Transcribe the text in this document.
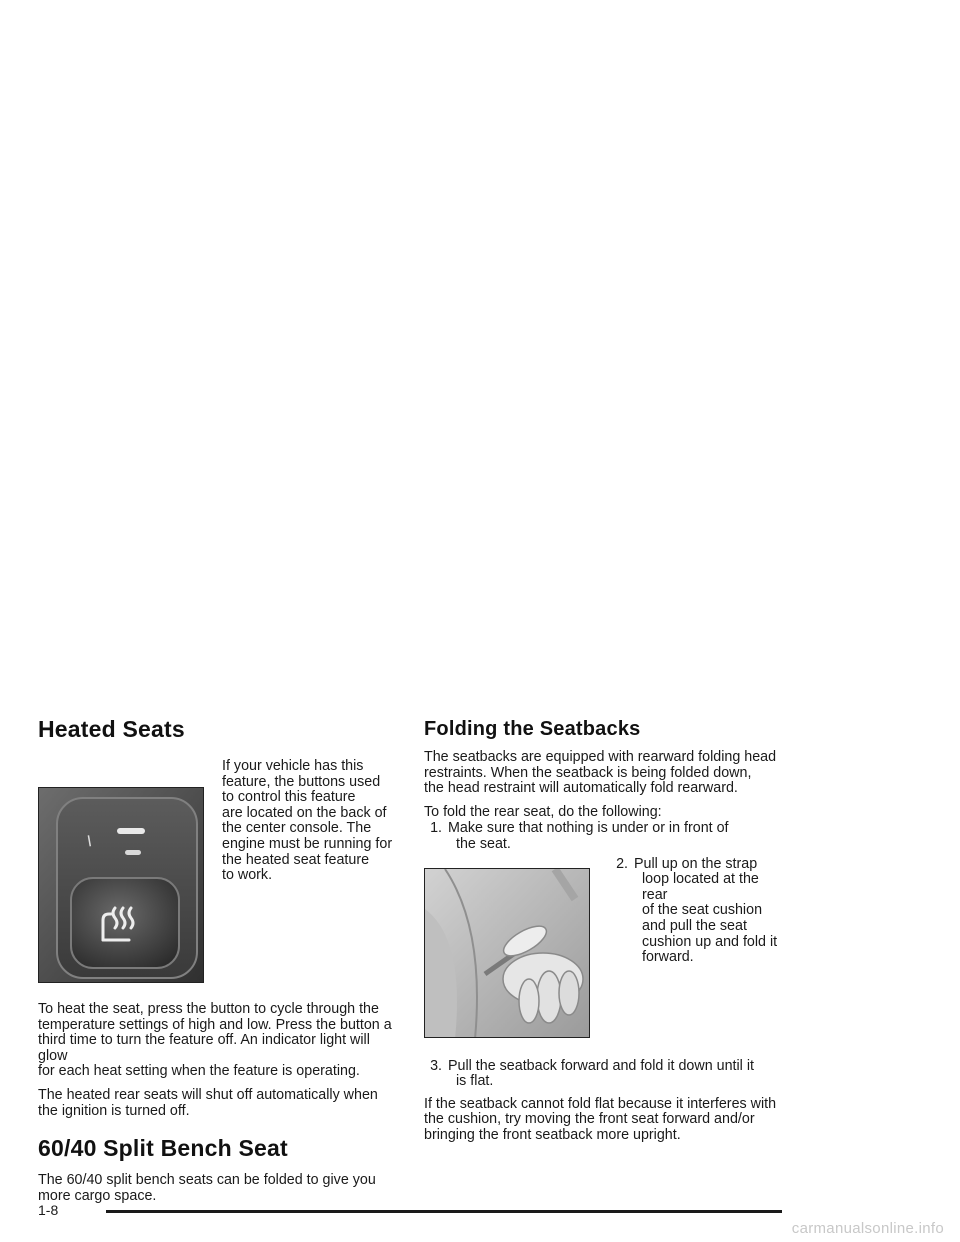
Heated Seats
I

If your vehicle has this

feature, the buttons used

to control this feature

are located on the back of

the center console. The

engine must be running for

the heated seat feature

to work.

To heat the seat, press the button to cycle through the

temperature settings of high and low. Press the button a

third time to turn the feature off. An indicator light will glow

for each heat setting when the feature is operating.

The heated rear seats will shut off automatically when

the ignition is turned off.

60/40 Split Bench Seat

The 60/40 split bench seats can be folded to give you

more cargo space.

Folding the Seatbacks

The seatbacks are equipped with rearward folding head

restraints. When the seatback is being folded down,

the head restraint will automatically fold rearward.

To fold the rear seat, do the following:

1. Make sure that nothing is under or in front of

the seat.

2. Pull up on the strap

loop located at the rear

of the seat cushion

and pull the seat

cushion up and fold it

forward.

3. Pull the seatback forward and fold it down until it

is flat.

If the seatback cannot fold flat because it interferes with

the cushion, try moving the front seat forward and/or

bringing the front seatback more upright.

1-8
carmanualsonline.info
